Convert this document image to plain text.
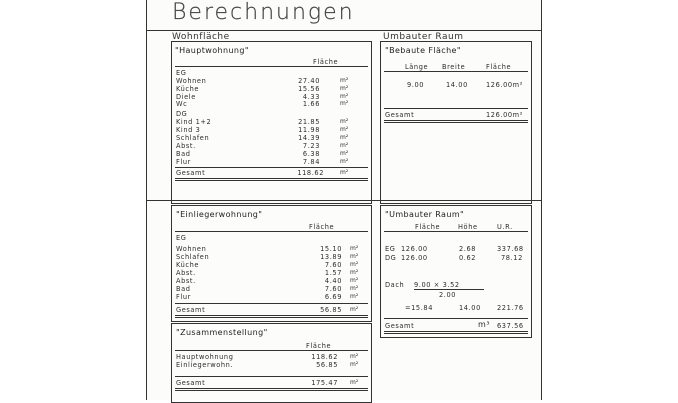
Berechnungen
Wohnfläche	Umbauter Raum
"Hauptwohnung"
Fläche
EG
Wohnen	27.40	m²
Küche	15.56	m²
Diele	4.33	m²
Wc	1.66	m²
DG
Kind 1+2	21.85	m²
Kind 3	11.98	m²
Schlafen	14.39	m²
Abst.	7.23	m²
Bad	6.38	m²
Flur	7.84	m²
Gesamt	118.62	m²
"Bebaute Fläche"
Länge Breite	Fläche
9.00	14.00	126.00m²
Gesamt	126.00m²
"Einliegerwohnung"
Fläche
EG
Wohnen	15.10 m²
Schlafen	13.89 m²
Küche	7.60 m²
Abst.	1.57 m²
Abst.	4.40 m²
Bad	7.60 m²
Flur	6.69 m²
Gesamt	56.85 m²
"Zusammenstellung"
Fläche
Hauptwohnung	118.62 m²
Einliegerwohn.	56.85 m²
Gesamt	175.47 m²
"Umbauter Raum"
Fläche	Höhe	U.R.
EG 126.00	2.68	337.68
DG 126.00	0.62	78.12
Dach 9.00 × 3.52
2.00
=15.84	14.00 221.76
Gesamt	m³ 637.56
